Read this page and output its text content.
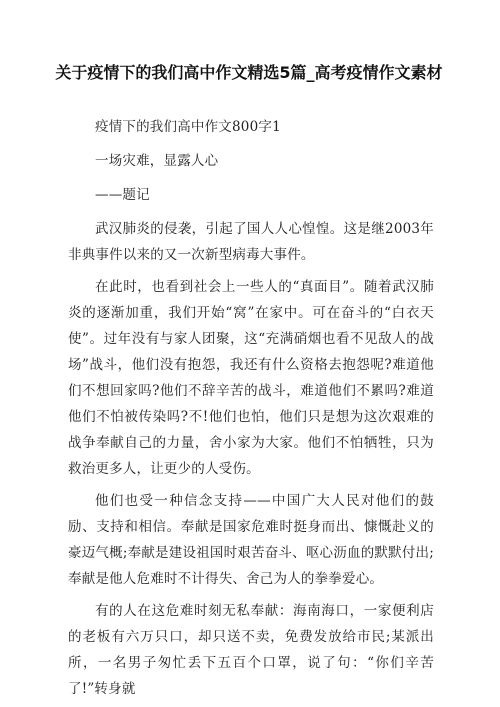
关于疫情下的我们高中作文精选5篇_高考疫情作文素材

疫情下的我们高中作文800字1

一场灾难，显露人心

——题记

武汉肺炎的侵袭，引起了国人人心惶惶。这是继2003年非典事件以来的又一次新型病毒大事件。

在此时，也看到社会上一些人的“真面目”。随着武汉肺炎的逐渐加重，我们开始“窝”在家中。可在奋斗的“白衣天使”。过年没有与家人团聚，这“充满硝烟也看不见敌人的战场”战斗，他们没有抱怨，我还有什么资格去抱怨呢?难道他们不想回家吗?他们不辞辛苦的战斗，难道他们不累吗?难道他们不怕被传染吗?不!他们也怕，他们只是想为这次艰难的战争奉献自己的力量，舍小家为大家。他们不怕牺牲，只为救治更多人，让更少的人受伤。

他们也受一种信念支持——中国广大人民对他们的鼓励、支持和相信。奉献是国家危难时挺身而出、慷慨赴义的豪迈气概;奉献是建设祖国时艰苦奋斗、呕心沥血的默默付出;奉献是他人危难时不计得失、舍己为人的拳拳爱心。

有的人在这危难时刻无私奉献：海南海口，一家便利店的老板有六万只口，却只送不卖，免费发放给市民;某派出所，一名男子匆忙丢下五百个口罩，说了句：“你们辛苦了!”转身就
